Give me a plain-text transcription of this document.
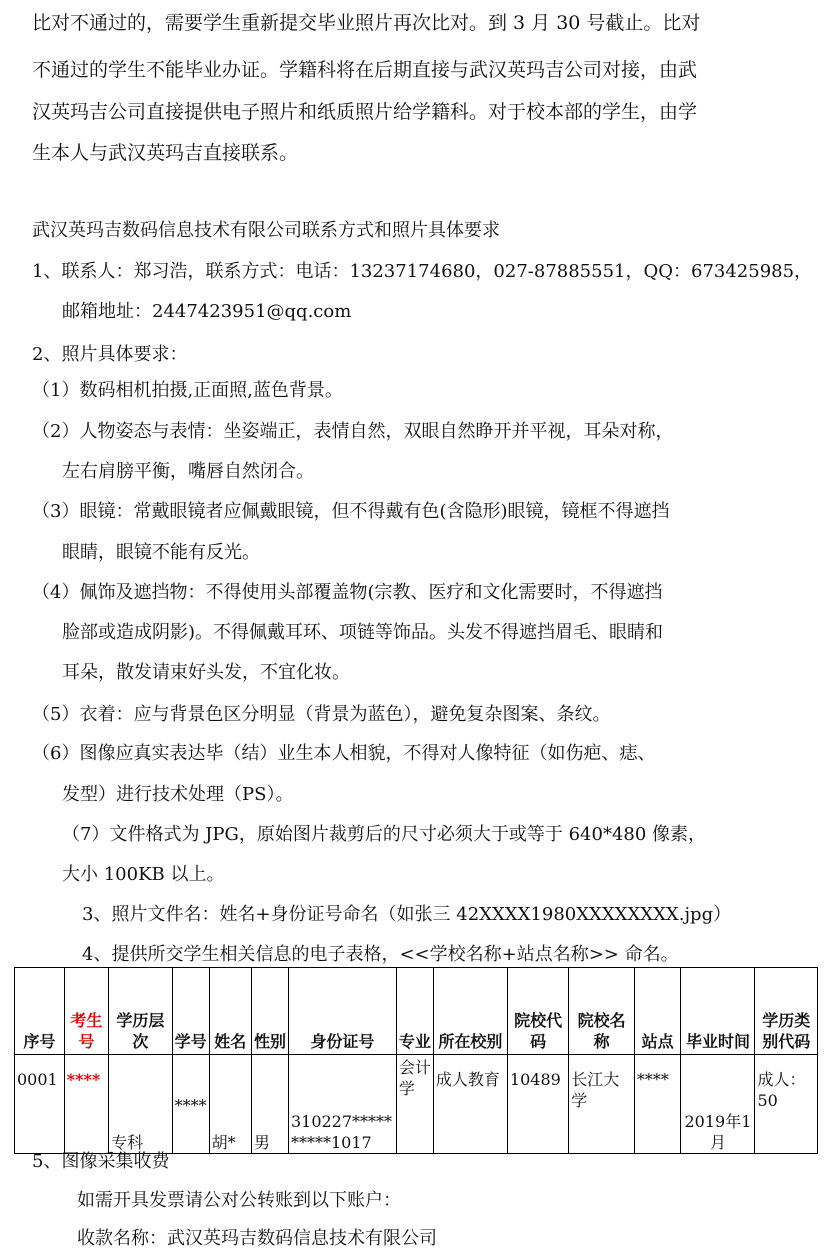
比对不通过的，需要学生重新提交毕业照片再次比对。到 3 月 30 号截止。比对
不通过的学生不能毕业办证。学籍科将在后期直接与武汉英玛吉公司对接，由武
汉英玛吉公司直接提供电子照片和纸质照片给学籍科。对于校本部的学生，由学
生本人与武汉英玛吉直接联系。
武汉英玛吉数码信息技术有限公司联系方式和照片具体要求
1、联系人：郑习浩，联系方式：电话：13237174680，027-87885551，QQ：673425985，
邮箱地址：2447423951@qq.com
2、照片具体要求：
（1）数码相机拍摄,正面照,蓝色背景。
（2）人物姿态与表情：坐姿端正，表情自然，双眼自然睁开并平视，耳朵对称，
左右肩膀平衡，嘴唇自然闭合。
（3）眼镜：常戴眼镜者应佩戴眼镜，但不得戴有色(含隐形)眼镜，镜框不得遮挡
眼睛，眼镜不能有反光。
（4）佩饰及遮挡物：不得使用头部覆盖物(宗教、医疗和文化需要时，不得遮挡
脸部或造成阴影)。不得佩戴耳环、项链等饰品。头发不得遮挡眉毛、眼睛和
耳朵，散发请束好头发，不宜化妆。
（5）衣着：应与背景色区分明显（背景为蓝色），避免复杂图案、条纹。
（6）图像应真实表达毕（结）业生本人相貌，不得对人像特征（如伤疤、痣、
发型）进行技术处理（PS）。
（7）文件格式为 JPG，原始图片裁剪后的尺寸必须大于或等于 640*480 像素，
大小 100KB 以上。
3、照片文件名：姓名+身份证号命名（如张三 42XXXX1980XXXXXXXX.jpg）
4、提供所交学生相关信息的电子表格，<<学校名称+站点名称>> 命名。
序号	考生号	学历层次	学号	姓名	性别	身份证号	专业	所在校别	院校代码	院校名称	站点	毕业时间	学历类别代码
0001	****	专科	****	胡*	男	310227**********1017	会计学	成人教育	10489	长江大学	****	2019年1月	成人：50
5、图像采集收费
如需开具发票请公对公转账到以下账户：
收款名称：武汉英玛吉数码信息技术有限公司
